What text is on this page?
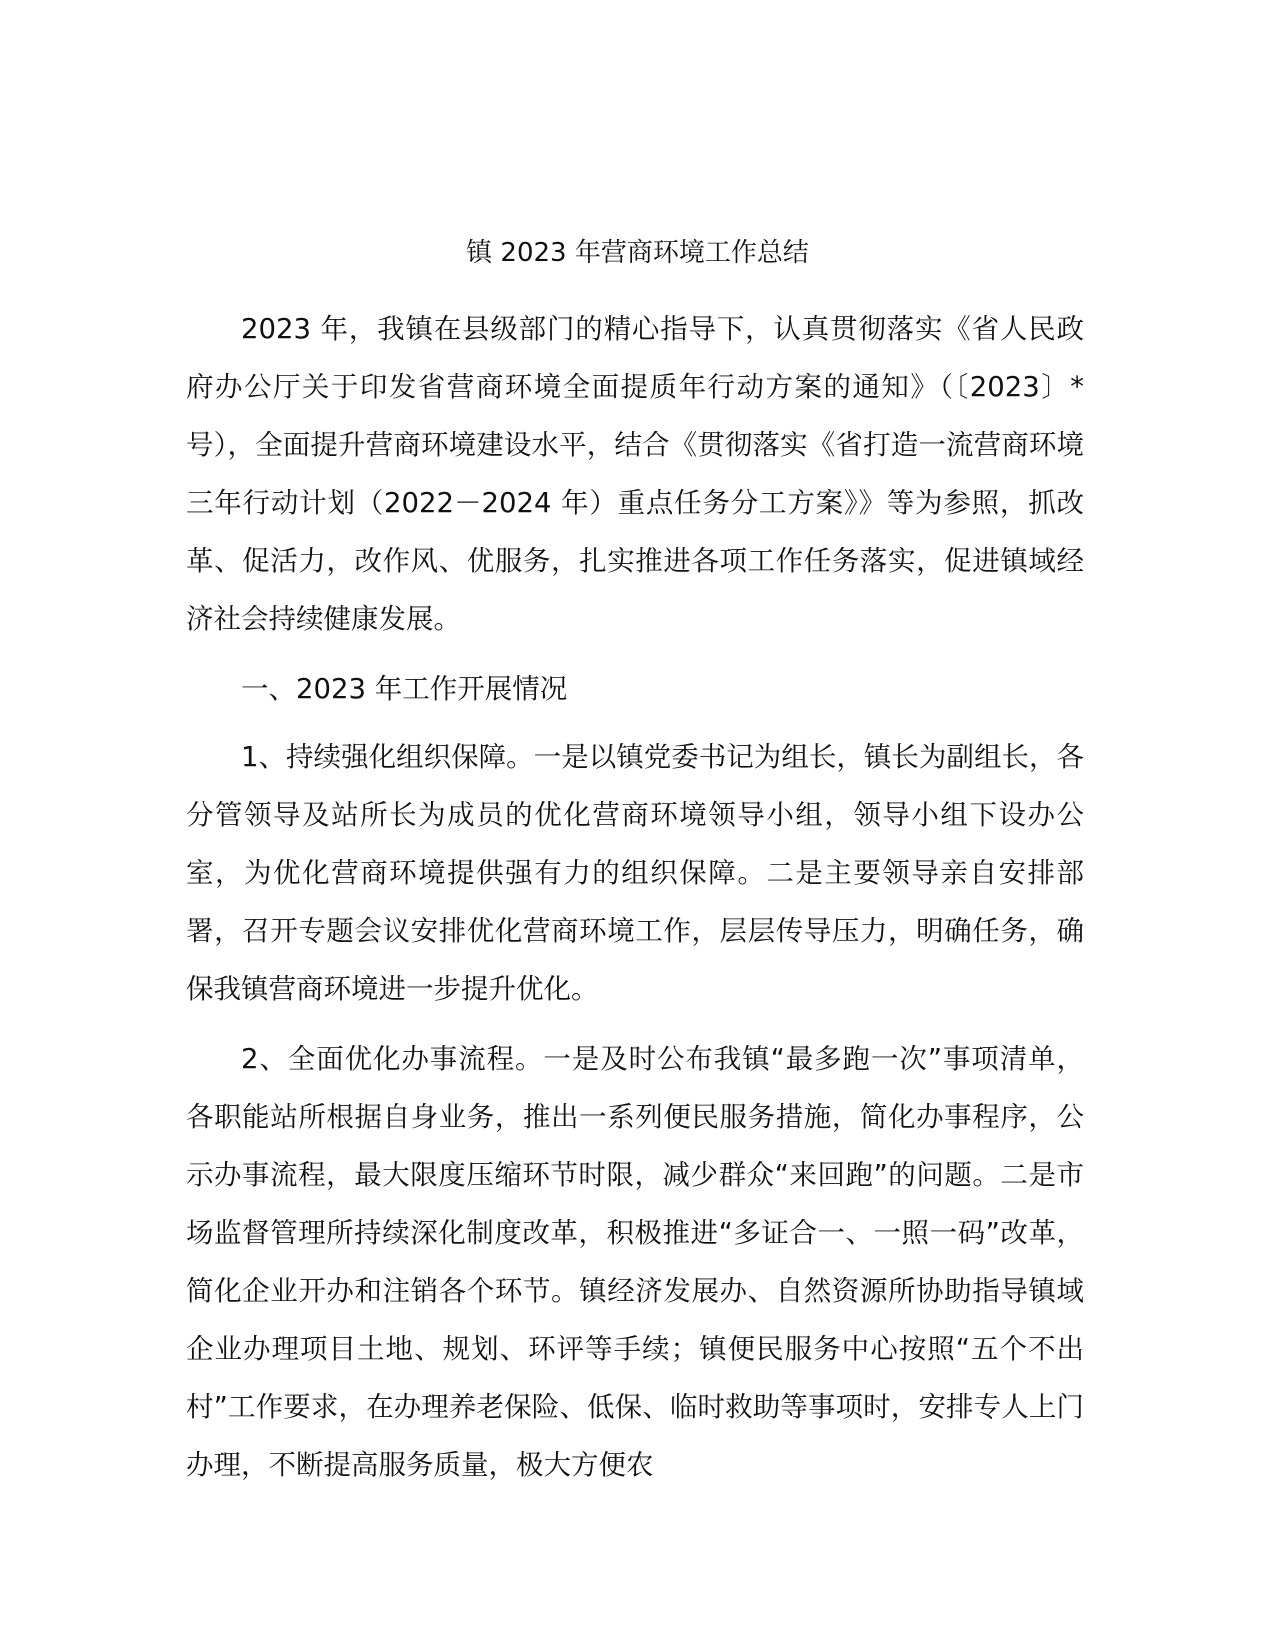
镇 2023 年营商环境工作总结

2023 年，我镇在县级部门的精心指导下，认真贯彻落实《省人民政府办公厅关于印发省营商环境全面提质年行动方案的通知》（〔2023〕*号），全面提升营商环境建设水平，结合《贯彻落实《省打造一流营商环境三年行动计划（2022－2024 年）重点任务分工方案》》等为参照，抓改革、促活力，改作风、优服务，扎实推进各项工作任务落实，促进镇域经济社会持续健康发展。

一、2023 年工作开展情况

1、持续强化组织保障。一是以镇党委书记为组长，镇长为副组长，各分管领导及站所长为成员的优化营商环境领导小组，领导小组下设办公室，为优化营商环境提供强有力的组织保障。二是主要领导亲自安排部署，召开专题会议安排优化营商环境工作，层层传导压力，明确任务，确保我镇营商环境进一步提升优化。

2、全面优化办事流程。一是及时公布我镇“最多跑一次”事项清单，各职能站所根据自身业务，推出一系列便民服务措施，简化办事程序，公示办事流程，最大限度压缩环节时限，减少群众“来回跑”的问题。二是市场监督管理所持续深化制度改革，积极推进“多证合一、一照一码”改革，简化企业开办和注销各个环节。镇经济发展办、自然资源所协助指导镇域企业办理项目土地、规划、环评等手续；镇便民服务中心按照“五个不出村”工作要求，在办理养老保险、低保、临时救助等事项时，安排专人上门办理，不断提高服务质量，极大方便农
